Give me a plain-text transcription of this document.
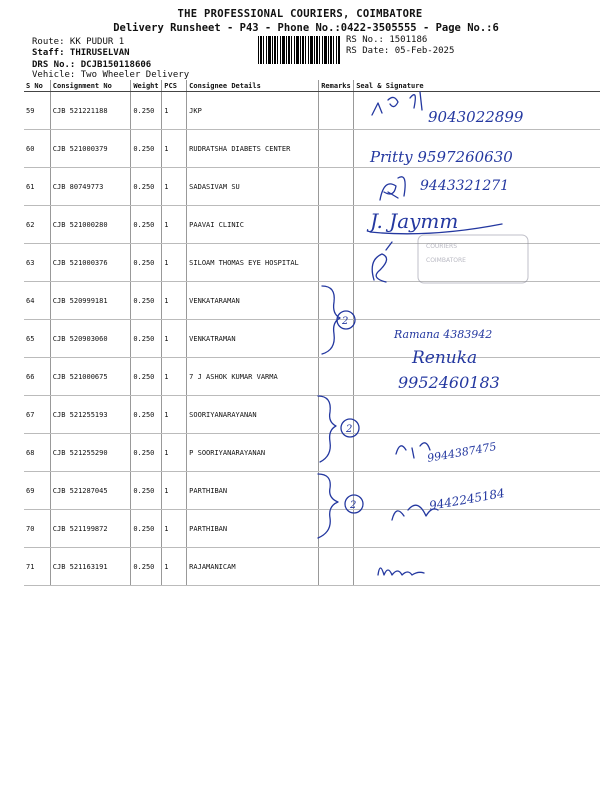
THE PROFESSIONAL COURIERS, COIMBATORE
Delivery Runsheet - P43 - Phone No.:0422-3505555 - Page No.:6
Route: KK PUDUR 1
Staff: THIRUSELVAN
DRS No.: DCJB150118606
Vehicle: Two Wheeler Delivery
RS No.: 1501186
RS Date: 05-Feb-2025
S No	Consignment No	Weight	PCS	Consignee Details	Remarks	Seal & Signature
59	CJB 521221188	0.250	1	JKP		
60	CJB 521000379	0.250	1	RUDRATSHA DIABETS CENTER		
61	CJB 80749773	0.250	1	SADASIVAM SU		
62	CJB 521000280	0.250	1	PAAVAI CLINIC		
63	CJB 521000376	0.250	1	SILOAM THOMAS EYE HOSPITAL		
64	CJB 520999181	0.250	1	VENKATARAMAN		
65	CJB 520903060	0.250	1	VENKATRAMAN		
66	CJB 521000675	0.250	1	7 J ASHOK KUMAR VARMA		
67	CJB 521255193	0.250	1	SOORIYANARAYANAN		
68	CJB 521255290	0.250	1	P SOORIYANARAYANAN		
69	CJB 521287045	0.250	1	PARTHIBAN		
70	CJB 521199872	0.250	1	PARTHIBAN		
71	CJB 521163191	0.250	1	RAJAMANICAM		
COURIERS
COIMBATORE
9043022899
Pritty 9597260630
9443321271
J. Jaymm
2
Ramana 4383942
Renuka
9952460183
2
9944387475
2	9442245184
